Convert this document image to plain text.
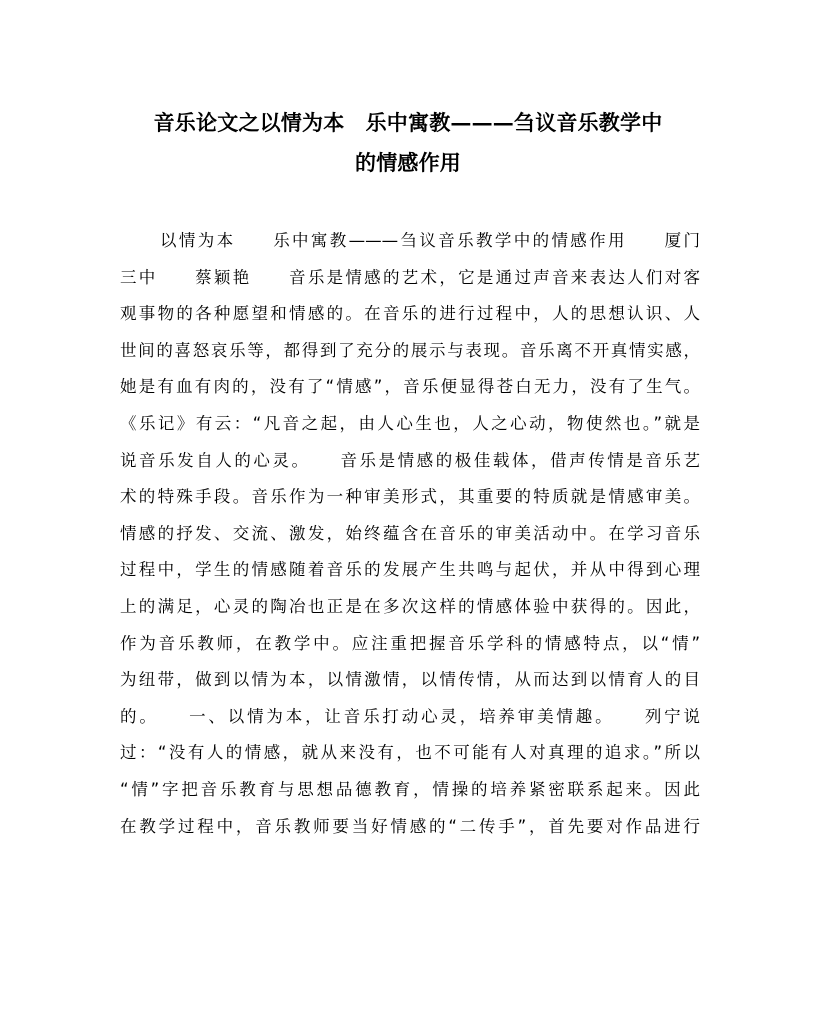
音乐论文之以情为本　乐中寓教———刍议音乐教学中
的情感作用
以情为本　　乐中寓教———刍议音乐教学中的情感作用　　厦门
三中　　蔡颖艳　　音乐是情感的艺术，它是通过声音来表达人们对客
观事物的各种愿望和情感的。在音乐的进行过程中，人的思想认识、人
世间的喜怒哀乐等，都得到了充分的展示与表现。音乐离不开真情实感，
她是有血有肉的，没有了“情感”，音乐便显得苍白无力，没有了生气。
《乐记》有云：“凡音之起，由人心生也，人之心动，物使然也。”就是
说音乐发自人的心灵。　　音乐是情感的极佳载体，借声传情是音乐艺
术的特殊手段。音乐作为一种审美形式，其重要的特质就是情感审美。
情感的抒发、交流、激发，始终蕴含在音乐的审美活动中。在学习音乐
过程中，学生的情感随着音乐的发展产生共鸣与起伏，并从中得到心理
上的满足，心灵的陶冶也正是在多次这样的情感体验中获得的。因此，
作为音乐教师，在教学中。应注重把握音乐学科的情感特点，以“情”
为纽带，做到以情为本，以情激情，以情传情，从而达到以情育人的目
的。　　一、以情为本，让音乐打动心灵，培养审美情趣。　　列宁说
过：“没有人的情感，就从来没有，也不可能有人对真理的追求。”所以
“情”字把音乐教育与思想品德教育，情操的培养紧密联系起来。因此
在教学过程中，音乐教师要当好情感的“二传手”，首先要对作品进行
